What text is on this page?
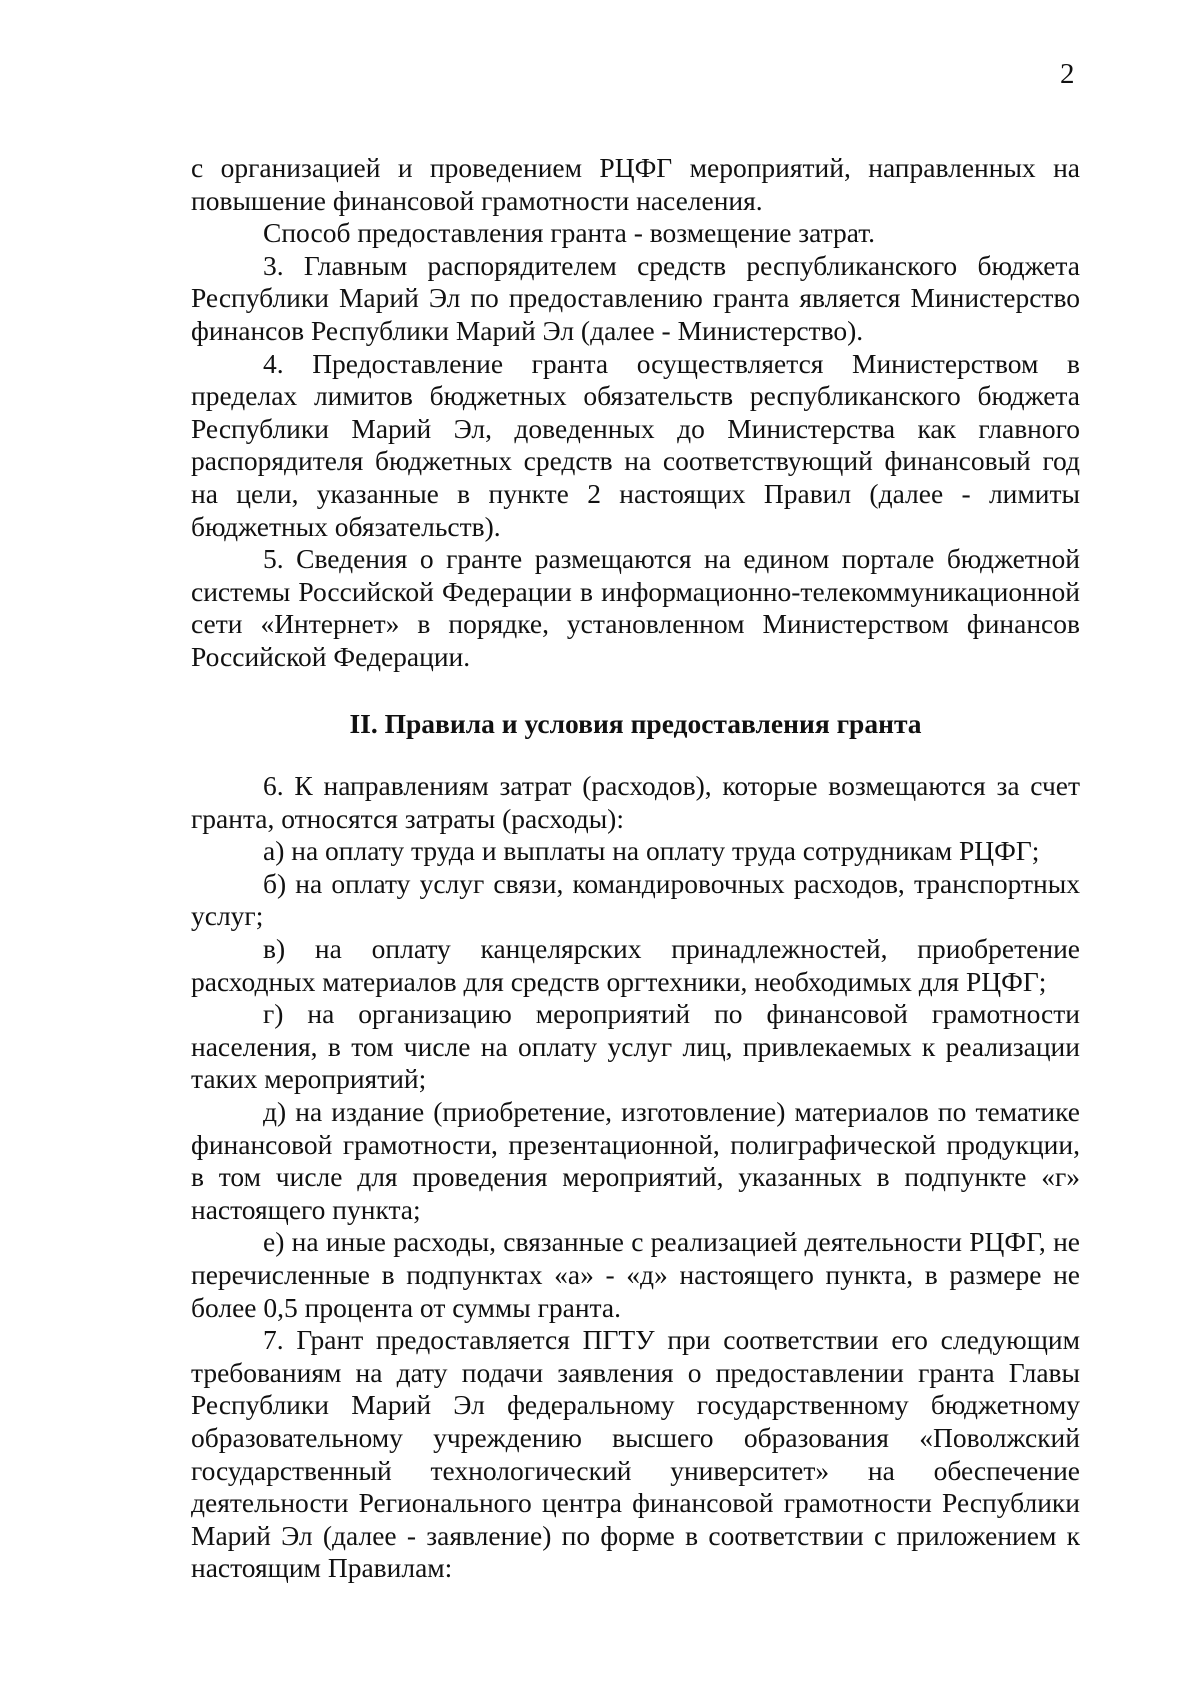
2

с организацией и проведением РЦФГ мероприятий, направленных на повышение финансовой грамотности населения.

Способ предоставления гранта - возмещение затрат.

3. Главным распорядителем средств республиканского бюджета Республики Марий Эл по предоставлению гранта является Министерство финансов Республики Марий Эл (далее - Министерство).

4. Предоставление гранта осуществляется Министерством в пределах лимитов бюджетных обязательств республиканского бюджета Республики Марий Эл, доведенных до Министерства как главного распорядителя бюджетных средств на соответствующий финансовый год на цели, указанные в пункте 2 настоящих Правил (далее - лимиты бюджетных обязательств).

5. Сведения о гранте размещаются на едином портале бюджетной системы Российской Федерации в информационно-телекоммуникационной сети «Интернет» в порядке, установленном Министерством финансов Российской Федерации.

II. Правила и условия предоставления гранта

6. К направлениям затрат (расходов), которые возмещаются за счет гранта, относятся затраты (расходы):

а) на оплату труда и выплаты на оплату труда сотрудникам РЦФГ;

б) на оплату услуг связи, командировочных расходов, транспортных услуг;

в) на оплату канцелярских принадлежностей, приобретение расходных материалов для средств оргтехники, необходимых для РЦФГ;

г) на организацию мероприятий по финансовой грамотности населения, в том числе на оплату услуг лиц, привлекаемых к реализации таких мероприятий;

д) на издание (приобретение, изготовление) материалов по тематике финансовой грамотности, презентационной, полиграфической продукции, в том числе для проведения мероприятий, указанных в подпункте «г» настоящего пункта;

е) на иные расходы, связанные с реализацией деятельности РЦФГ, не перечисленные в подпунктах «а» - «д» настоящего пункта, в размере не более 0,5 процента от суммы гранта.

7. Грант предоставляется ПГТУ при соответствии его следующим требованиям на дату подачи заявления о предоставлении гранта Главы Республики Марий Эл федеральному государственному бюджетному образовательному учреждению высшего образования «Поволжский государственный технологический университет» на обеспечение деятельности Регионального центра финансовой грамотности Республики Марий Эл (далее - заявление) по форме в соответствии с приложением к настоящим Правилам:
